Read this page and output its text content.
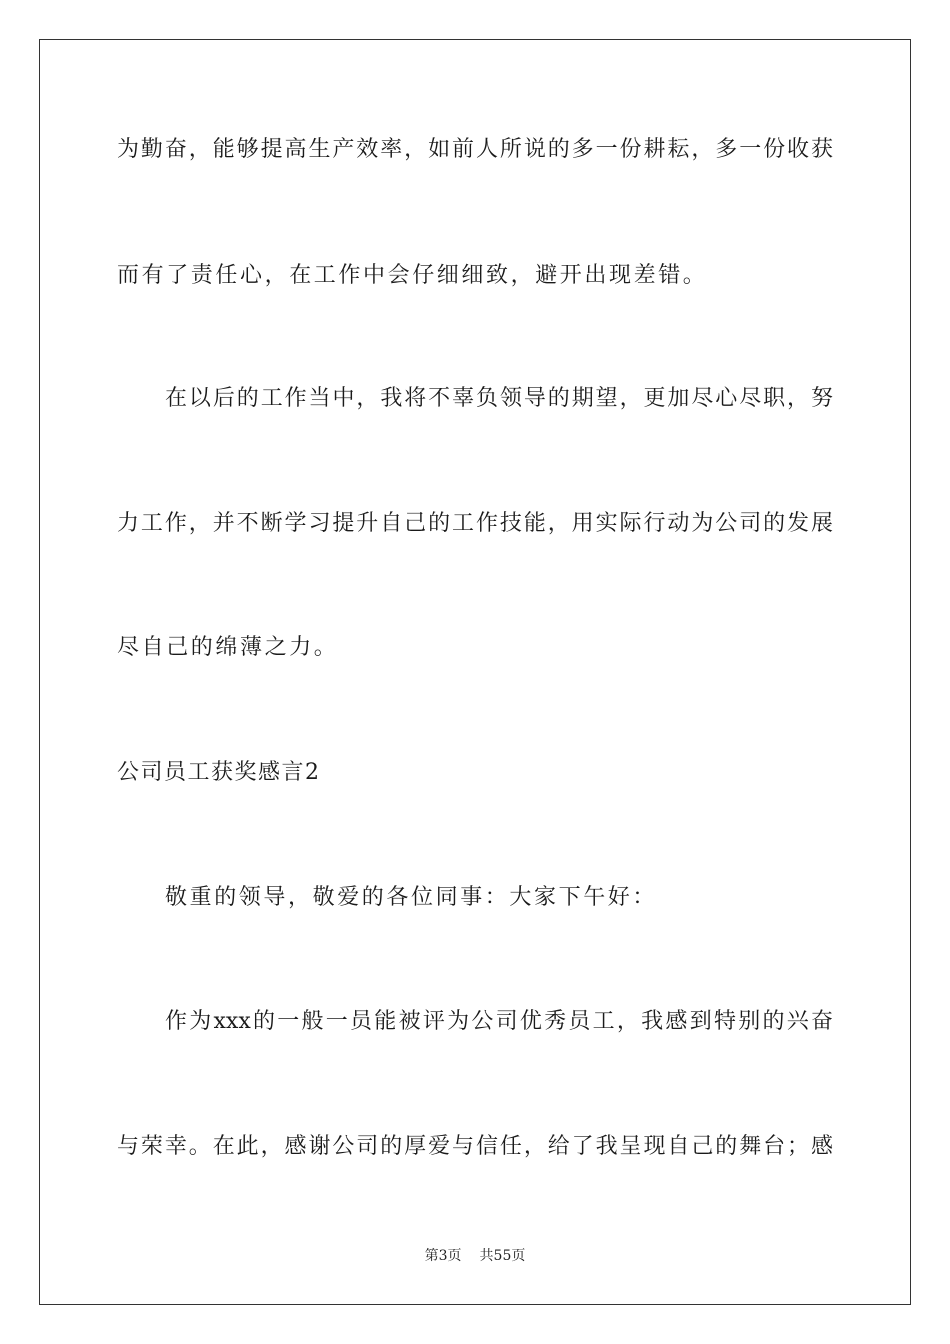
为勤奋，能够提高生产效率，如前人所说的多一份耕耘，多一份收获
而有了责任心，在工作中会仔细细致，避开出现差错。
在以后的工作当中，我将不辜负领导的期望，更加尽心尽职，努
力工作，并不断学习提升自己的工作技能，用实际行动为公司的发展
尽自己的绵薄之力。
公司员工获奖感言2
敬重的领导，敬爱的各位同事：大家下午好：
作为xxx的一般一员能被评为公司优秀员工，我感到特别的兴奋
与荣幸。在此，感谢公司的厚爱与信任，给了我呈现自己的舞台；感
第3页 共55页
